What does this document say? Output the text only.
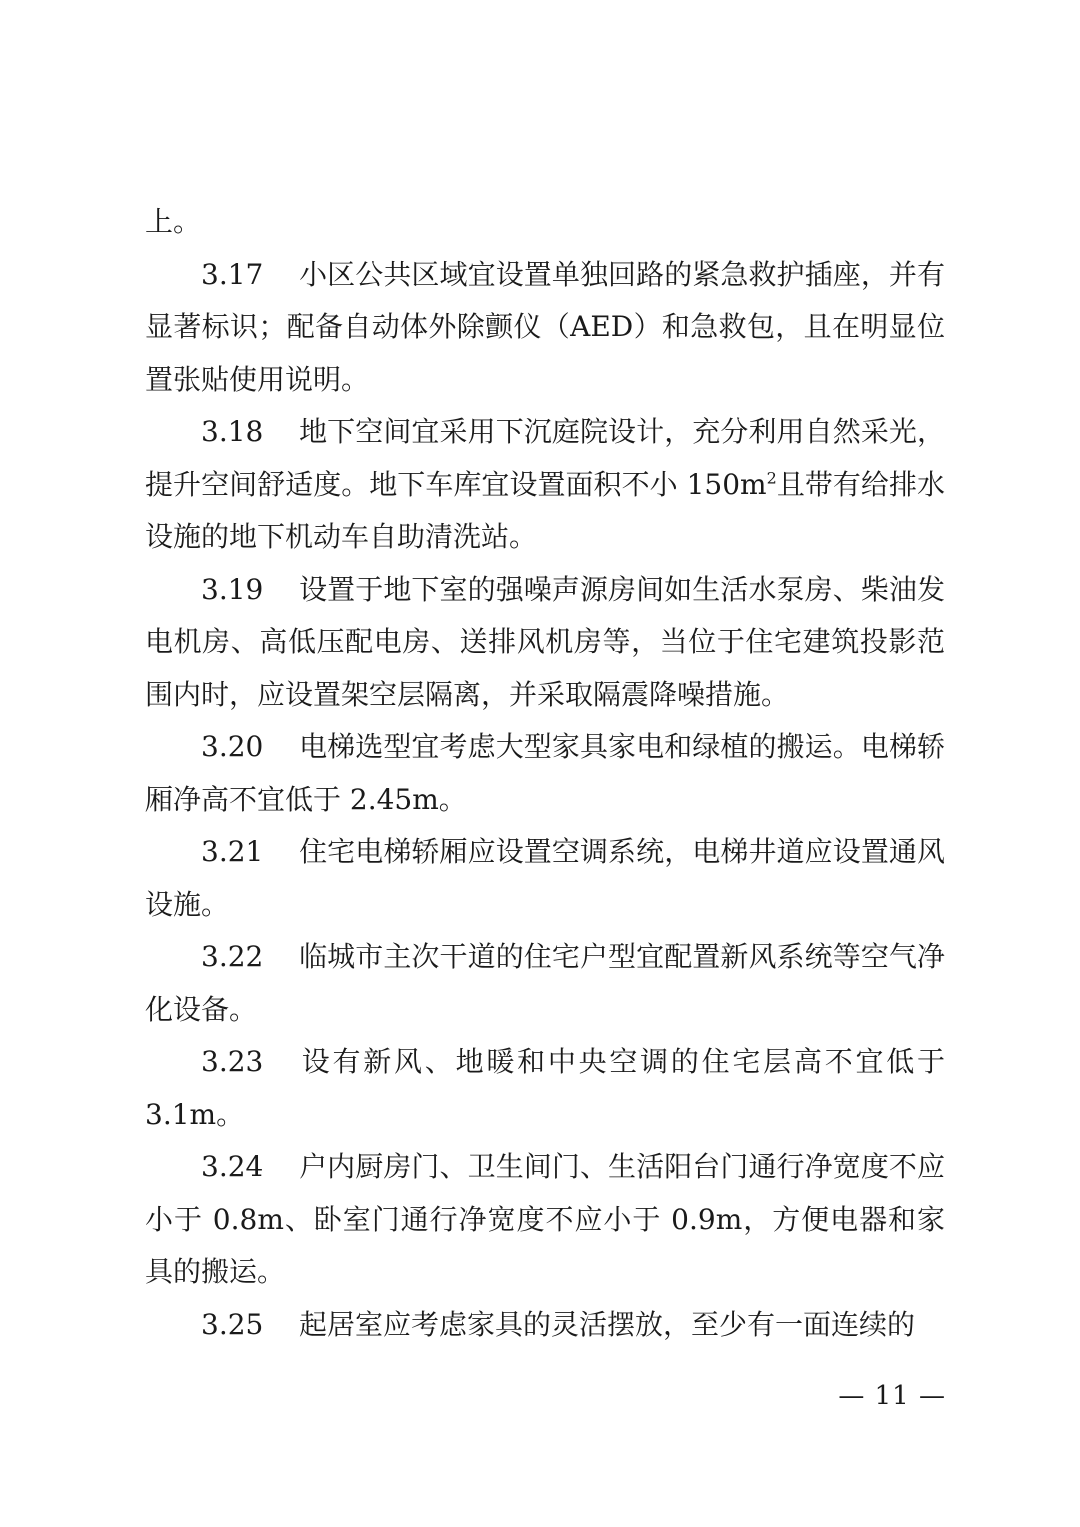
上。

3.17 小区公共区域宜设置单独回路的紧急救护插座，并有显著标识；配备自动体外除颤仪（AED）和急救包，且在明显位置张贴使用说明。

3.18 地下空间宜采用下沉庭院设计，充分利用自然采光，提升空间舒适度。地下车库宜设置面积不小 $150m^2$且带有给排水设施的地下机动车自助清洗站。

3.19 设置于地下室的强噪声源房间如生活水泵房、柴油发电机房、高低压配电房、送排风机房等，当位于住宅建筑投影范围内时，应设置架空层隔离，并采取隔震降噪措施。

3.20 电梯选型宜考虑大型家具家电和绿植的搬运。电梯轿厢净高不宜低于 2.45m。

3.21 住宅电梯轿厢应设置空调系统，电梯井道应设置通风设施。

3.22 临城市主次干道的住宅户型宜配置新风系统等空气净化设备。

3.23 设有新风、地暖和中央空调的住宅层高不宜低于 3.1m。

3.24 户内厨房门、卫生间门、生活阳台门通行净宽度不应小于 0.8m、卧室门通行净宽度不应小于 0.9m，方便电器和家具的搬运。

3.25 起居室应考虑家具的灵活摆放，至少有一面连续的

— 11 —
